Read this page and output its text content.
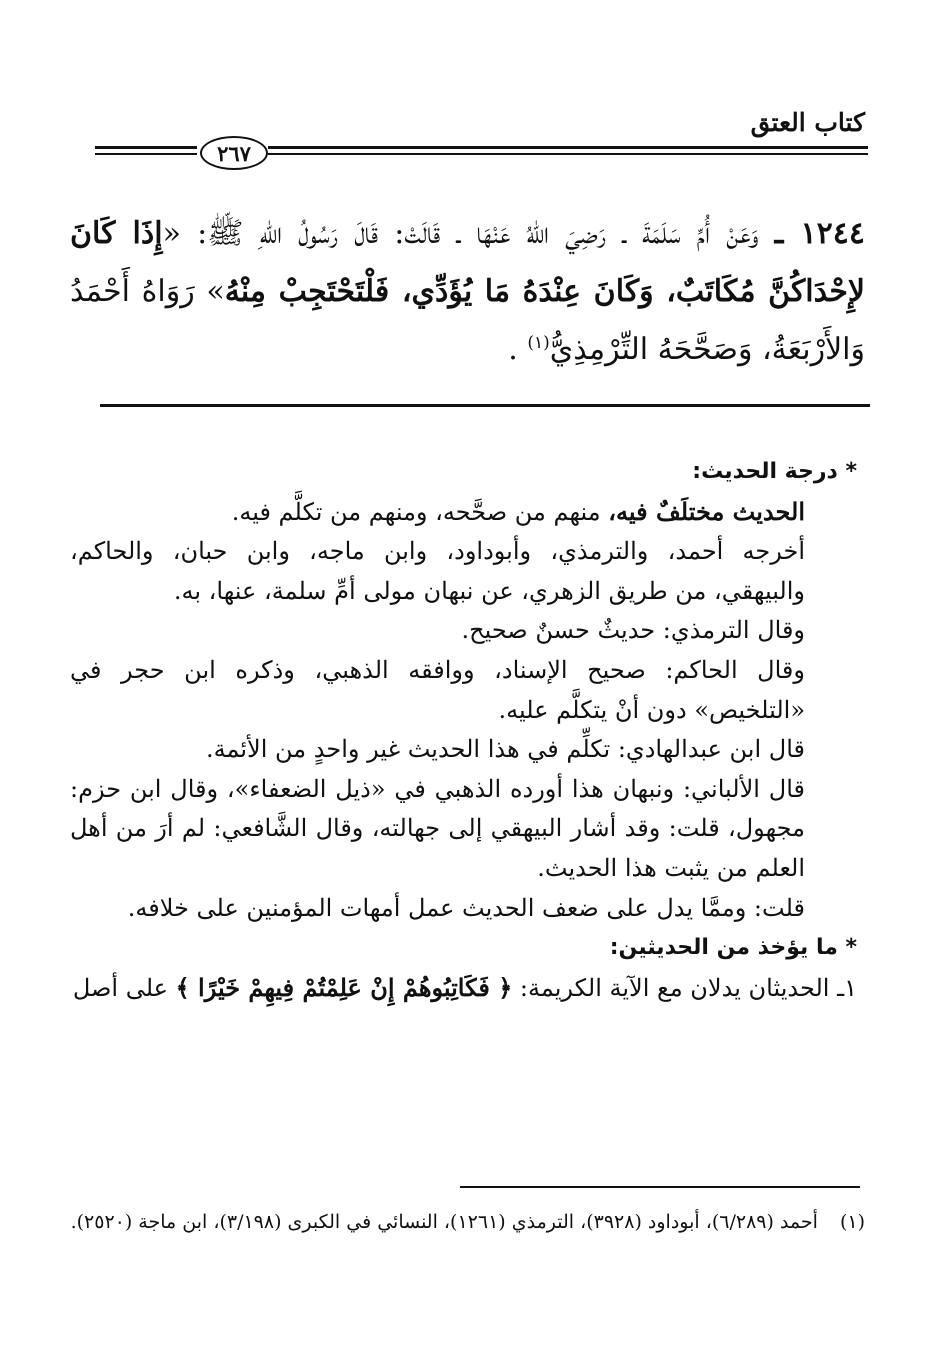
كتاب العتق
٢٦٧
١٢٤٤ ـ وَعَنْ أُمِّ سَلَمَةَ ـ رَضِيَ اللهُ عَنْهَا ـ قَالَتْ: قَالَ رَسُولُ اللهِ ﷺ: «إِذَا كَانَ لإِحْدَاكُنَّ مُكَاتَبٌ، وَكَانَ عِنْدَهُ مَا يُؤَدِّي، فَلْتَحْتَجِبْ مِنْهُ» رَوَاهُ أَحْمَدُ وَالأَرْبَعَةُ، وَصَحَّحَهُ التِّرْمِذِيُّ$^{(١)}$ .

* درجة الحديث:

الحديث مختلَفٌ فيه، منهم من صحَّحه، ومنهم من تكلَّم فيه.

أخرجه أحمد، والترمذي، وأبوداود، وابن ماجه، وابن حبان، والحاكم، والبيهقي، من طريق الزهري، عن نبهان مولى أمِّ سلمة، عنها، به.

وقال الترمذي: حديثٌ حسنٌ صحيح.

وقال الحاكم: صحيح الإسناد، ووافقه الذهبي، وذكره ابن حجر في «التلخيص» دون أنْ يتكلَّم عليه.

قال ابن عبدالهادي: تكلِّم في هذا الحديث غير واحدٍ من الأئمة.

قال الألباني: ونبهان هذا أورده الذهبي في «ذيل الضعفاء»، وقال ابن حزم: مجهول، قلت: وقد أشار البيهقي إلى جهالته، وقال الشَّافعي: لم أرَ من أهل العلم من يثبت هذا الحديث.

قلت: وممَّا يدل على ضعف الحديث عمل أمهات المؤمنين على خلافه.

* ما يؤخذ من الحديثين:

١ـ الحديثان يدلان مع الآية الكريمة: ﴿ فَكَاتِبُوهُمْ إِنْ عَلِمْتُمْ فِيهِمْ خَيْرًا ﴾ على أصل

(١)أحمد (٦/٢٨٩)، أبوداود (٣٩٢٨)، الترمذي (١٢٦١)، النسائي في الكبرى (٣/١٩٨)، ابن ماجة (٢٥٢٠).
